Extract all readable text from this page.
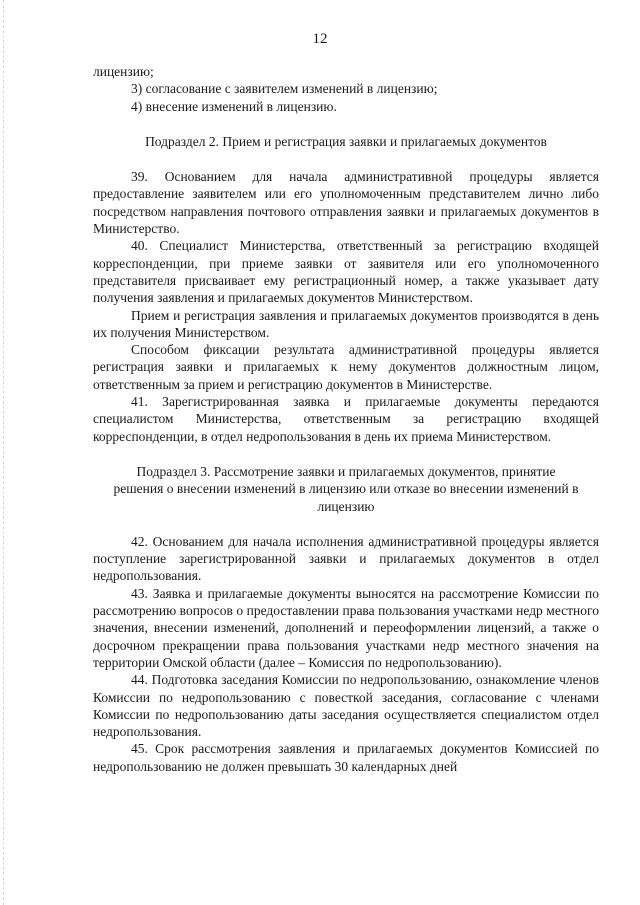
12

лицензию;

3) согласование с заявителем изменений в лицензию;

4) внесение изменений в лицензию.

Подраздел 2. Прием и регистрация заявки и прилагаемых документов

39. Основанием для начала административной процедуры является предоставление заявителем или его уполномоченным представителем лично либо посредством направления почтового отправления заявки и прилагаемых документов в Министерство.

40. Специалист Министерства, ответственный за регистрацию входящей корреспонденции, при приеме заявки от заявителя или его уполномоченного представителя присваивает ему регистрационный номер, а также указывает дату получения заявления и прилагаемых документов Министерством.

Прием и регистрация заявления и прилагаемых документов производятся в день их получения Министерством.

Способом фиксации результата административной процедуры является регистрация заявки и прилагаемых к нему документов должностным лицом, ответственным за прием и регистрацию документов в Министерстве.

41. Зарегистрированная заявка и прилагаемые документы передаются специалистом Министерства, ответственным за регистрацию входящей корреспонденции, в отдел недропользования в день их приема Министерством.

Подраздел 3. Рассмотрение заявки и прилагаемых документов, принятие решения о внесении изменений в лицензию или отказе во внесении изменений в лицензию

42. Основанием для начала исполнения административной процедуры является поступление зарегистрированной заявки и прилагаемых документов в отдел недропользования.

43. Заявка и прилагаемые документы выносятся на рассмотрение Комиссии по рассмотрению вопросов о предоставлении права пользования участками недр местного значения, внесении изменений, дополнений и переоформлении лицензий, а также о досрочном прекращении права пользования участками недр местного значения на территории Омской области (далее – Комиссия по недропользованию).

44. Подготовка заседания Комиссии по недропользованию, ознакомление членов Комиссии по недропользованию с повесткой заседания, согласование с членами Комиссии по недропользованию даты заседания осуществляется специалистом отдел недропользования.

45. Срок рассмотрения заявления и прилагаемых документов Комиссией по недропользованию не должен превышать 30 календарных дней
